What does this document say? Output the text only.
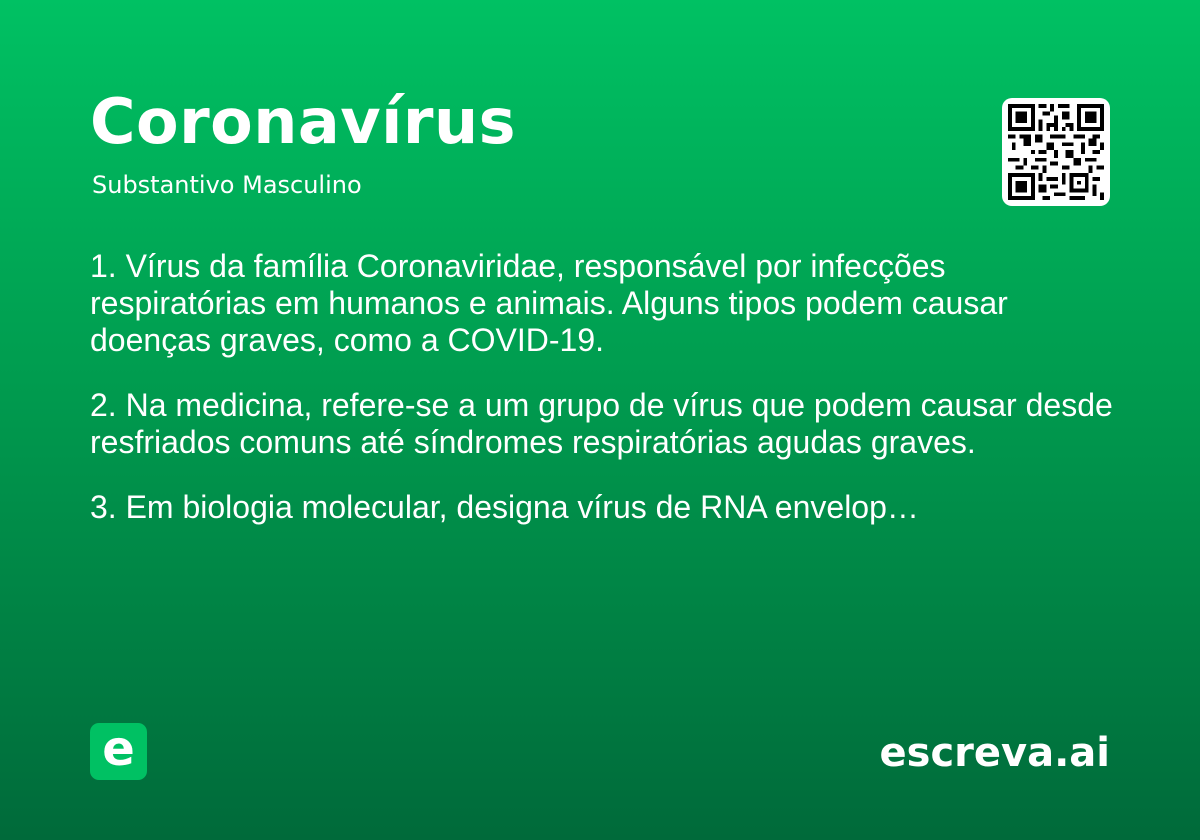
Coronavírus
Substantivo Masculino

1. Vírus da família Coronaviridae, responsável por infecções respiratórias em humanos e animais. Alguns tipos podem causar doenças graves, como a COVID-19.

2. Na medicina, refere-se a um grupo de vírus que podem causar desde resfriados comuns até síndromes respiratórias agudas graves.

3. Em biologia molecular, designa vírus de RNA envelop…

e	escreva.ai
